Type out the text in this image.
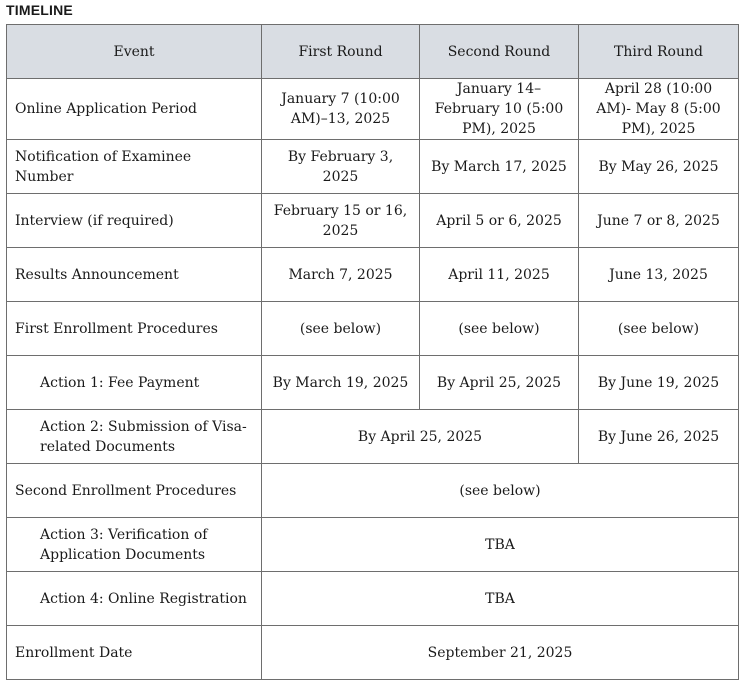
TIMELINE
Event	First Round	Second Round	Third Round
Online Application Period	January 7 (10:00 AM)–13, 2025	January 14–February 10 (5:00 PM), 2025	April 28 (10:00 AM)- May 8 (5:00 PM), 2025
Notification of Examinee Number	By February 3, 2025	By March 17, 2025	By May 26, 2025
Interview (if required)	February 15 or 16, 2025	April 5 or 6, 2025	June 7 or 8, 2025
Results Announcement	March 7, 2025	April 11, 2025	June 13, 2025
First Enrollment Procedures	(see below)	(see below)	(see below)
Action 1: Fee Payment	By March 19, 2025	By April 25, 2025	By June 19, 2025
Action 2: Submission of Visa-related Documents	By April 25, 2025		By June 26, 2025
Second Enrollment Procedures	(see below)		
Action 3: Verification of Application Documents	TBA		
Action 4: Online Registration	TBA		
Enrollment Date	September 21, 2025		
